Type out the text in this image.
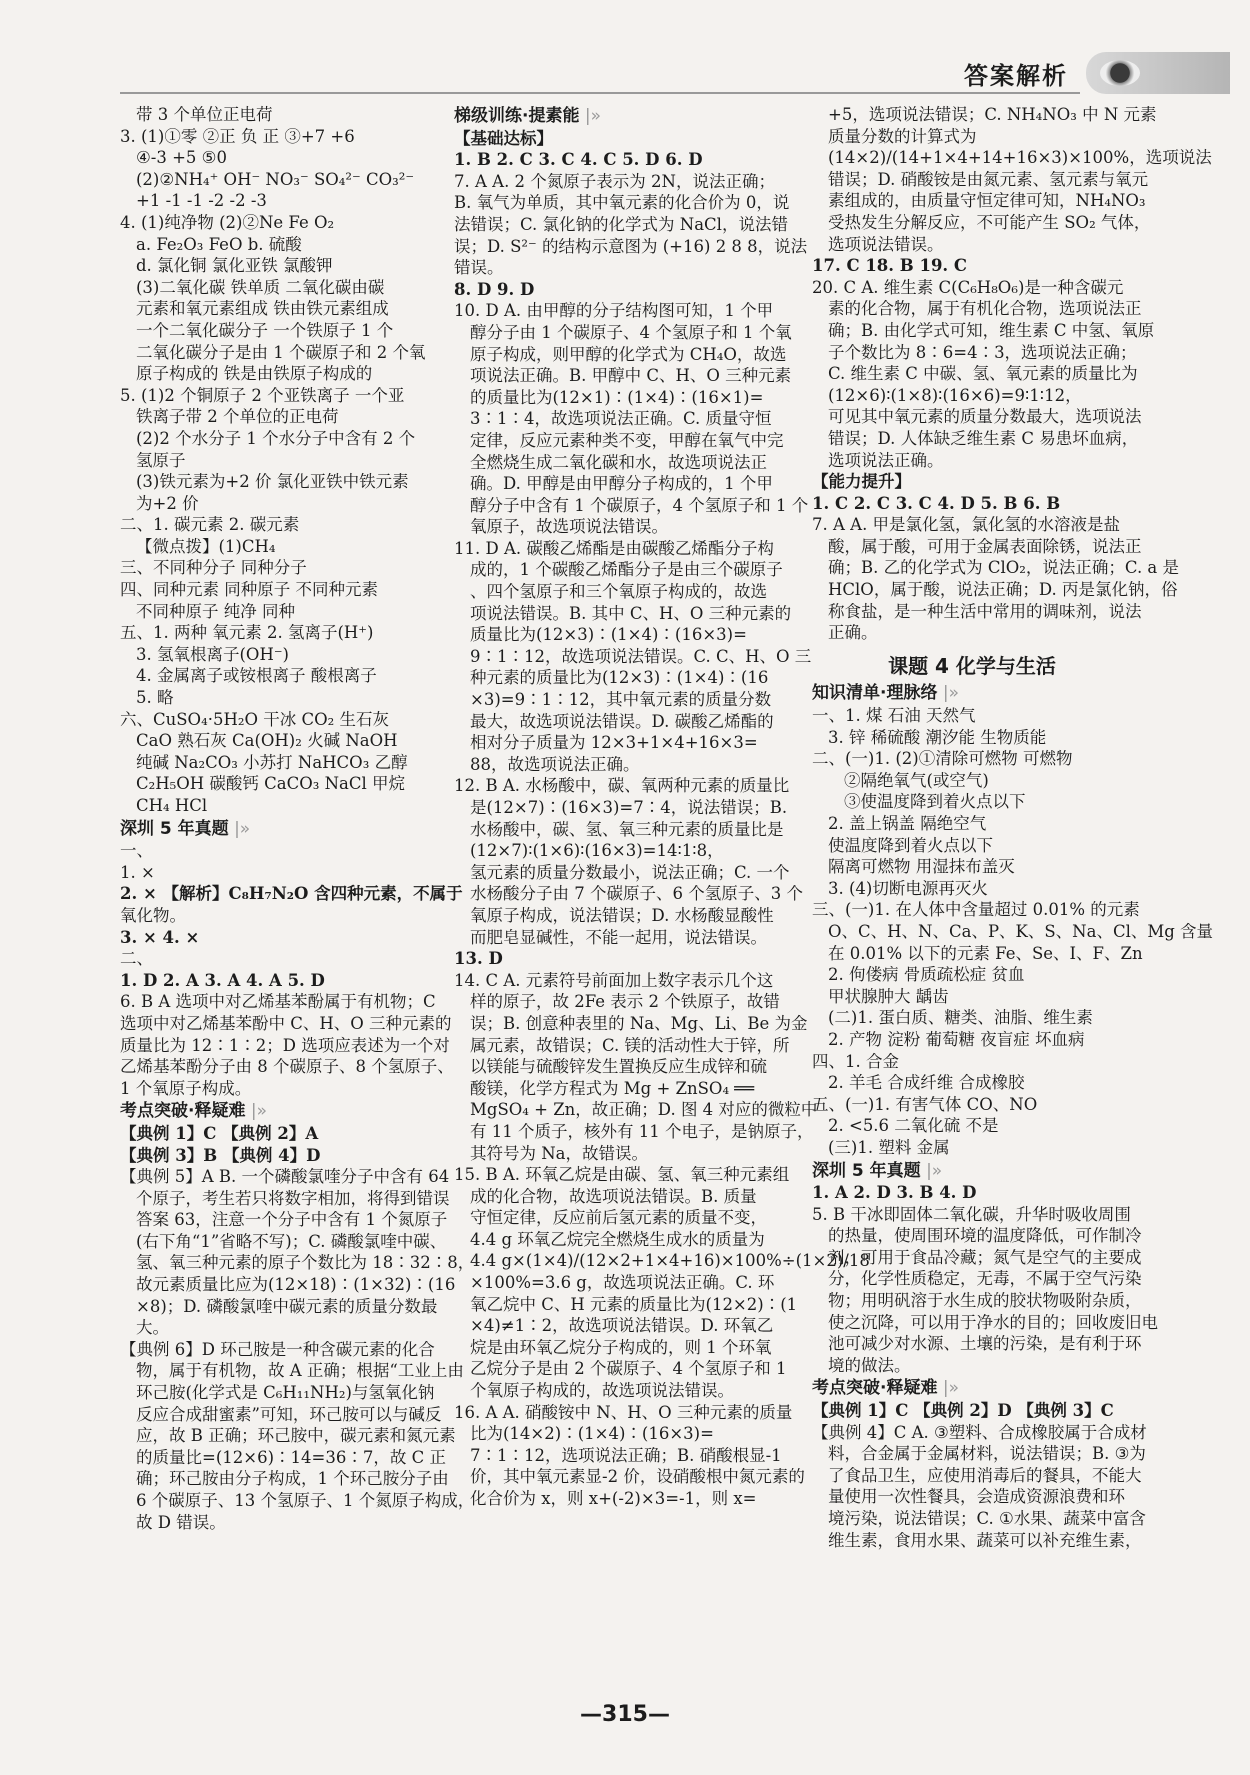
答案解析
带 3 个单位正电荷
3. (1)①零 ②正 负 正 ③+7 +6
④-3 +5 ⑤0
(2)②NH₄⁺ OH⁻ NO₃⁻ SO₄²⁻ CO₃²⁻
+1 -1 -1 -2 -2 -3
4. (1)纯净物 (2)②Ne Fe O₂
a. Fe₂O₃ FeO b. 硫酸
d. 氯化铜 氯化亚铁 氯酸钾
(3)二氧化碳 铁单质 二氧化碳由碳
元素和氧元素组成 铁由铁元素组成
一个二氧化碳分子 一个铁原子 1 个
二氧化碳分子是由 1 个碳原子和 2 个氧
原子构成的 铁是由铁原子构成的
5. (1)2 个铜原子 2 个亚铁离子 一个亚
铁离子带 2 个单位的正电荷
(2)2 个水分子 1 个水分子中含有 2 个
氢原子
(3)铁元素为+2 价 氯化亚铁中铁元素
为+2 价
二、1. 碳元素 2. 碳元素
【微点拨】(1)CH₄
三、不同种分子 同种分子
四、同种元素 同种原子 不同种元素
不同种原子 纯净 同种
五、1. 两种 氧元素 2. 氢离子(H⁺)
3. 氢氧根离子(OH⁻)
4. 金属离子或铵根离子 酸根离子
5. 略
六、CuSO₄·5H₂O 干冰 CO₂ 生石灰
CaO 熟石灰 Ca(OH)₂ 火碱 NaOH
纯碱 Na₂CO₃ 小苏打 NaHCO₃ 乙醇
C₂H₅OH 碳酸钙 CaCO₃ NaCl 甲烷
CH₄ HCl
深圳 5 年真题 |»
一、
1. ×
2. × 【解析】C₈H₇N₂O 含四种元素，不属于
氧化物。
3. × 4. ×
二、
1. D 2. A 3. A 4. A 5. D
6. B A 选项中对乙烯基苯酚属于有机物；C
选项中对乙烯基苯酚中 C、H、O 三种元素的
质量比为 12∶1∶2；D 选项应表述为一个对
乙烯基苯酚分子由 8 个碳原子、8 个氢原子、
1 个氧原子构成。
考点突破·释疑难 |»
【典例 1】C 【典例 2】A
【典例 3】B 【典例 4】D
【典例 5】A B. 一个磷酸氯喹分子中含有 64
个原子，考生若只将数字相加，将得到错误
答案 63，注意一个分子中含有 1 个氮原子
(右下角“1”省略不写)；C. 磷酸氯喹中碳、
氢、氧三种元素的原子个数比为 18∶32∶8，
故元素质量比应为(12×18)∶(1×32)∶(16
×8)；D. 磷酸氯喹中碳元素的质量分数最
大。
【典例 6】D 环己胺是一种含碳元素的化合
物，属于有机物，故 A 正确；根据“工业上由
环己胺(化学式是 C₆H₁₁NH₂)与氢氧化钠
反应合成甜蜜素”可知，环己胺可以与碱反
应，故 B 正确；环己胺中，碳元素和氮元素
的质量比=(12×6)∶14=36∶7，故 C 正
确；环己胺由分子构成，1 个环己胺分子由
6 个碳原子、13 个氢原子、1 个氮原子构成，
故 D 错误。
梯级训练·提素能 |»
【基础达标】
1. B 2. C 3. C 4. C 5. D 6. D
7. A A. 2 个氮原子表示为 2N，说法正确；
B. 氧气为单质，其中氧元素的化合价为 0，说
法错误；C. 氯化钠的化学式为 NaCl，说法错
误；D. S²⁻ 的结构示意图为 (+16) 2 8 8，说法
错误。
8. D 9. D
10. D A. 由甲醇的分子结构图可知，1 个甲
醇分子由 1 个碳原子、4 个氢原子和 1 个氧
原子构成，则甲醇的化学式为 CH₄O，故选
项说法正确。B. 甲醇中 C、H、O 三种元素
的质量比为(12×1)∶(1×4)∶(16×1)=
3∶1∶4，故选项说法正确。C. 质量守恒
定律，反应元素种类不变，甲醇在氧气中完
全燃烧生成二氧化碳和水，故选项说法正
确。D. 甲醇是由甲醇分子构成的，1 个甲
醇分子中含有 1 个碳原子，4 个氢原子和 1 个
氧原子，故选项说法错误。
11. D A. 碳酸乙烯酯是由碳酸乙烯酯分子构
成的，1 个碳酸乙烯酯分子是由三个碳原子
、四个氢原子和三个氧原子构成的，故选
项说法错误。B. 其中 C、H、O 三种元素的
质量比为(12×3)∶(1×4)∶(16×3)=
9∶1∶12，故选项说法错误。C. C、H、O 三
种元素的质量比为(12×3)∶(1×4)∶(16
×3)=9∶1∶12，其中氧元素的质量分数
最大，故选项说法错误。D. 碳酸乙烯酯的
相对分子质量为 12×3+1×4+16×3=
88，故选项说法正确。
12. B A. 水杨酸中，碳、氧两种元素的质量比
是(12×7)∶(16×3)=7∶4，说法错误；B.
水杨酸中，碳、氢、氧三种元素的质量比是
(12×7)∶(1×6)∶(16×3)=14∶1∶8，
氢元素的质量分数最小，说法正确；C. 一个
水杨酸分子由 7 个碳原子、6 个氢原子、3 个
氧原子构成，说法错误；D. 水杨酸显酸性
而肥皂显碱性，不能一起用，说法错误。
13. D
14. C A. 元素符号前面加上数字表示几个这
样的原子，故 2Fe 表示 2 个铁原子，故错
误；B. 创意种表里的 Na、Mg、Li、Be 为金
属元素，故错误；C. 镁的活动性大于锌，所
以镁能与硫酸锌发生置换反应生成锌和硫
酸镁，化学方程式为 Mg + ZnSO₄ ══
MgSO₄ + Zn，故正确；D. 图 4 对应的微粒中
有 11 个质子，核外有 11 个电子，是钠原子，
其符号为 Na，故错误。
15. B A. 环氧乙烷是由碳、氢、氧三种元素组
成的化合物，故选项说法错误。B. 质量
守恒定律，反应前后氢元素的质量不变，
4.4 g 环氧乙烷完全燃烧生成水的质量为
4.4 g×(1×4)/(12×2+1×4+16)×100%÷(1×2)/18
×100%=3.6 g，故选项说法正确。C. 环
氧乙烷中 C、H 元素的质量比为(12×2)∶(1
×4)≠1∶2，故选项说法错误。D. 环氧乙
烷是由环氧乙烷分子构成的，则 1 个环氧
乙烷分子是由 2 个碳原子、4 个氢原子和 1
个氧原子构成的，故选项说法错误。
16. A A. 硝酸铵中 N、H、O 三种元素的质量
比为(14×2)∶(1×4)∶(16×3)=
7∶1∶12，选项说法正确；B. 硝酸根显-1
价，其中氧元素显-2 价，设硝酸根中氮元素的
化合价为 x，则 x+(-2)×3=-1，则 x=
+5，选项说法错误；C. NH₄NO₃ 中 N 元素
质量分数的计算式为
(14×2)/(14+1×4+14+16×3)×100%，选项说法
错误；D. 硝酸铵是由氮元素、氢元素与氧元
素组成的，由质量守恒定律可知，NH₄NO₃
受热发生分解反应，不可能产生 SO₂ 气体，
选项说法错误。
17. C 18. B 19. C
20. C A. 维生素 C(C₆H₈O₆)是一种含碳元
素的化合物，属于有机化合物，选项说法正
确；B. 由化学式可知，维生素 C 中氢、氧原
子个数比为 8∶6=4∶3，选项说法正确；
C. 维生素 C 中碳、氢、氧元素的质量比为
(12×6)∶(1×8)∶(16×6)=9∶1∶12，
可见其中氧元素的质量分数最大，选项说法
错误；D. 人体缺乏维生素 C 易患坏血病，
选项说法正确。
【能力提升】
1. C 2. C 3. C 4. D 5. B 6. B
7. A A. 甲是氯化氢，氯化氢的水溶液是盐
酸，属于酸，可用于金属表面除锈，说法正
确；B. 乙的化学式为 ClO₂，说法正确；C. a 是
HClO，属于酸，说法正确；D. 丙是氯化钠，俗
称食盐，是一种生活中常用的调味剂，说法
正确。
课题 4 化学与生活
知识清单·理脉络 |»
一、1. 煤 石油 天然气
3. 锌 稀硫酸 潮汐能 生物质能
二、(一)1. (2)①清除可燃物 可燃物
②隔绝氧气(或空气)
③使温度降到着火点以下
2. 盖上锅盖 隔绝空气
使温度降到着火点以下
隔离可燃物 用湿抹布盖灭
3. (4)切断电源再灭火
三、(一)1. 在人体中含量超过 0.01% 的元素
O、C、H、N、Ca、P、K、S、Na、Cl、Mg 含量
在 0.01% 以下的元素 Fe、Se、I、F、Zn
2. 佝偻病 骨质疏松症 贫血
甲状腺肿大 龋齿
(二)1. 蛋白质、糖类、油脂、维生素
2. 产物 淀粉 葡萄糖 夜盲症 坏血病
四、1. 合金
2. 羊毛 合成纤维 合成橡胶
五、(一)1. 有害气体 CO、NO
2. <5.6 二氧化硫 不是
(三)1. 塑料 金属
深圳 5 年真题 |»
1. A 2. D 3. B 4. D
5. B 干冰即固体二氧化碳，升华时吸收周围
的热量，使周围环境的温度降低，可作制冷
剂，可用于食品冷藏；氮气是空气的主要成
分，化学性质稳定，无毒，不属于空气污染
物；用明矾溶于水生成的胶状物吸附杂质，
使之沉降，可以用于净水的目的；回收废旧电
池可减少对水源、土壤的污染，是有利于环
境的做法。
考点突破·释疑难 |»
【典例 1】C 【典例 2】D 【典例 3】C
【典例 4】C A. ③塑料、合成橡胶属于合成材
料，合金属于金属材料，说法错误；B. ③为
了食品卫生，应使用消毒后的餐具，不能大
量使用一次性餐具，会造成资源浪费和环
境污染，说法错误；C. ①水果、蔬菜中富含
维生素，食用水果、蔬菜可以补充维生素，
—315—
